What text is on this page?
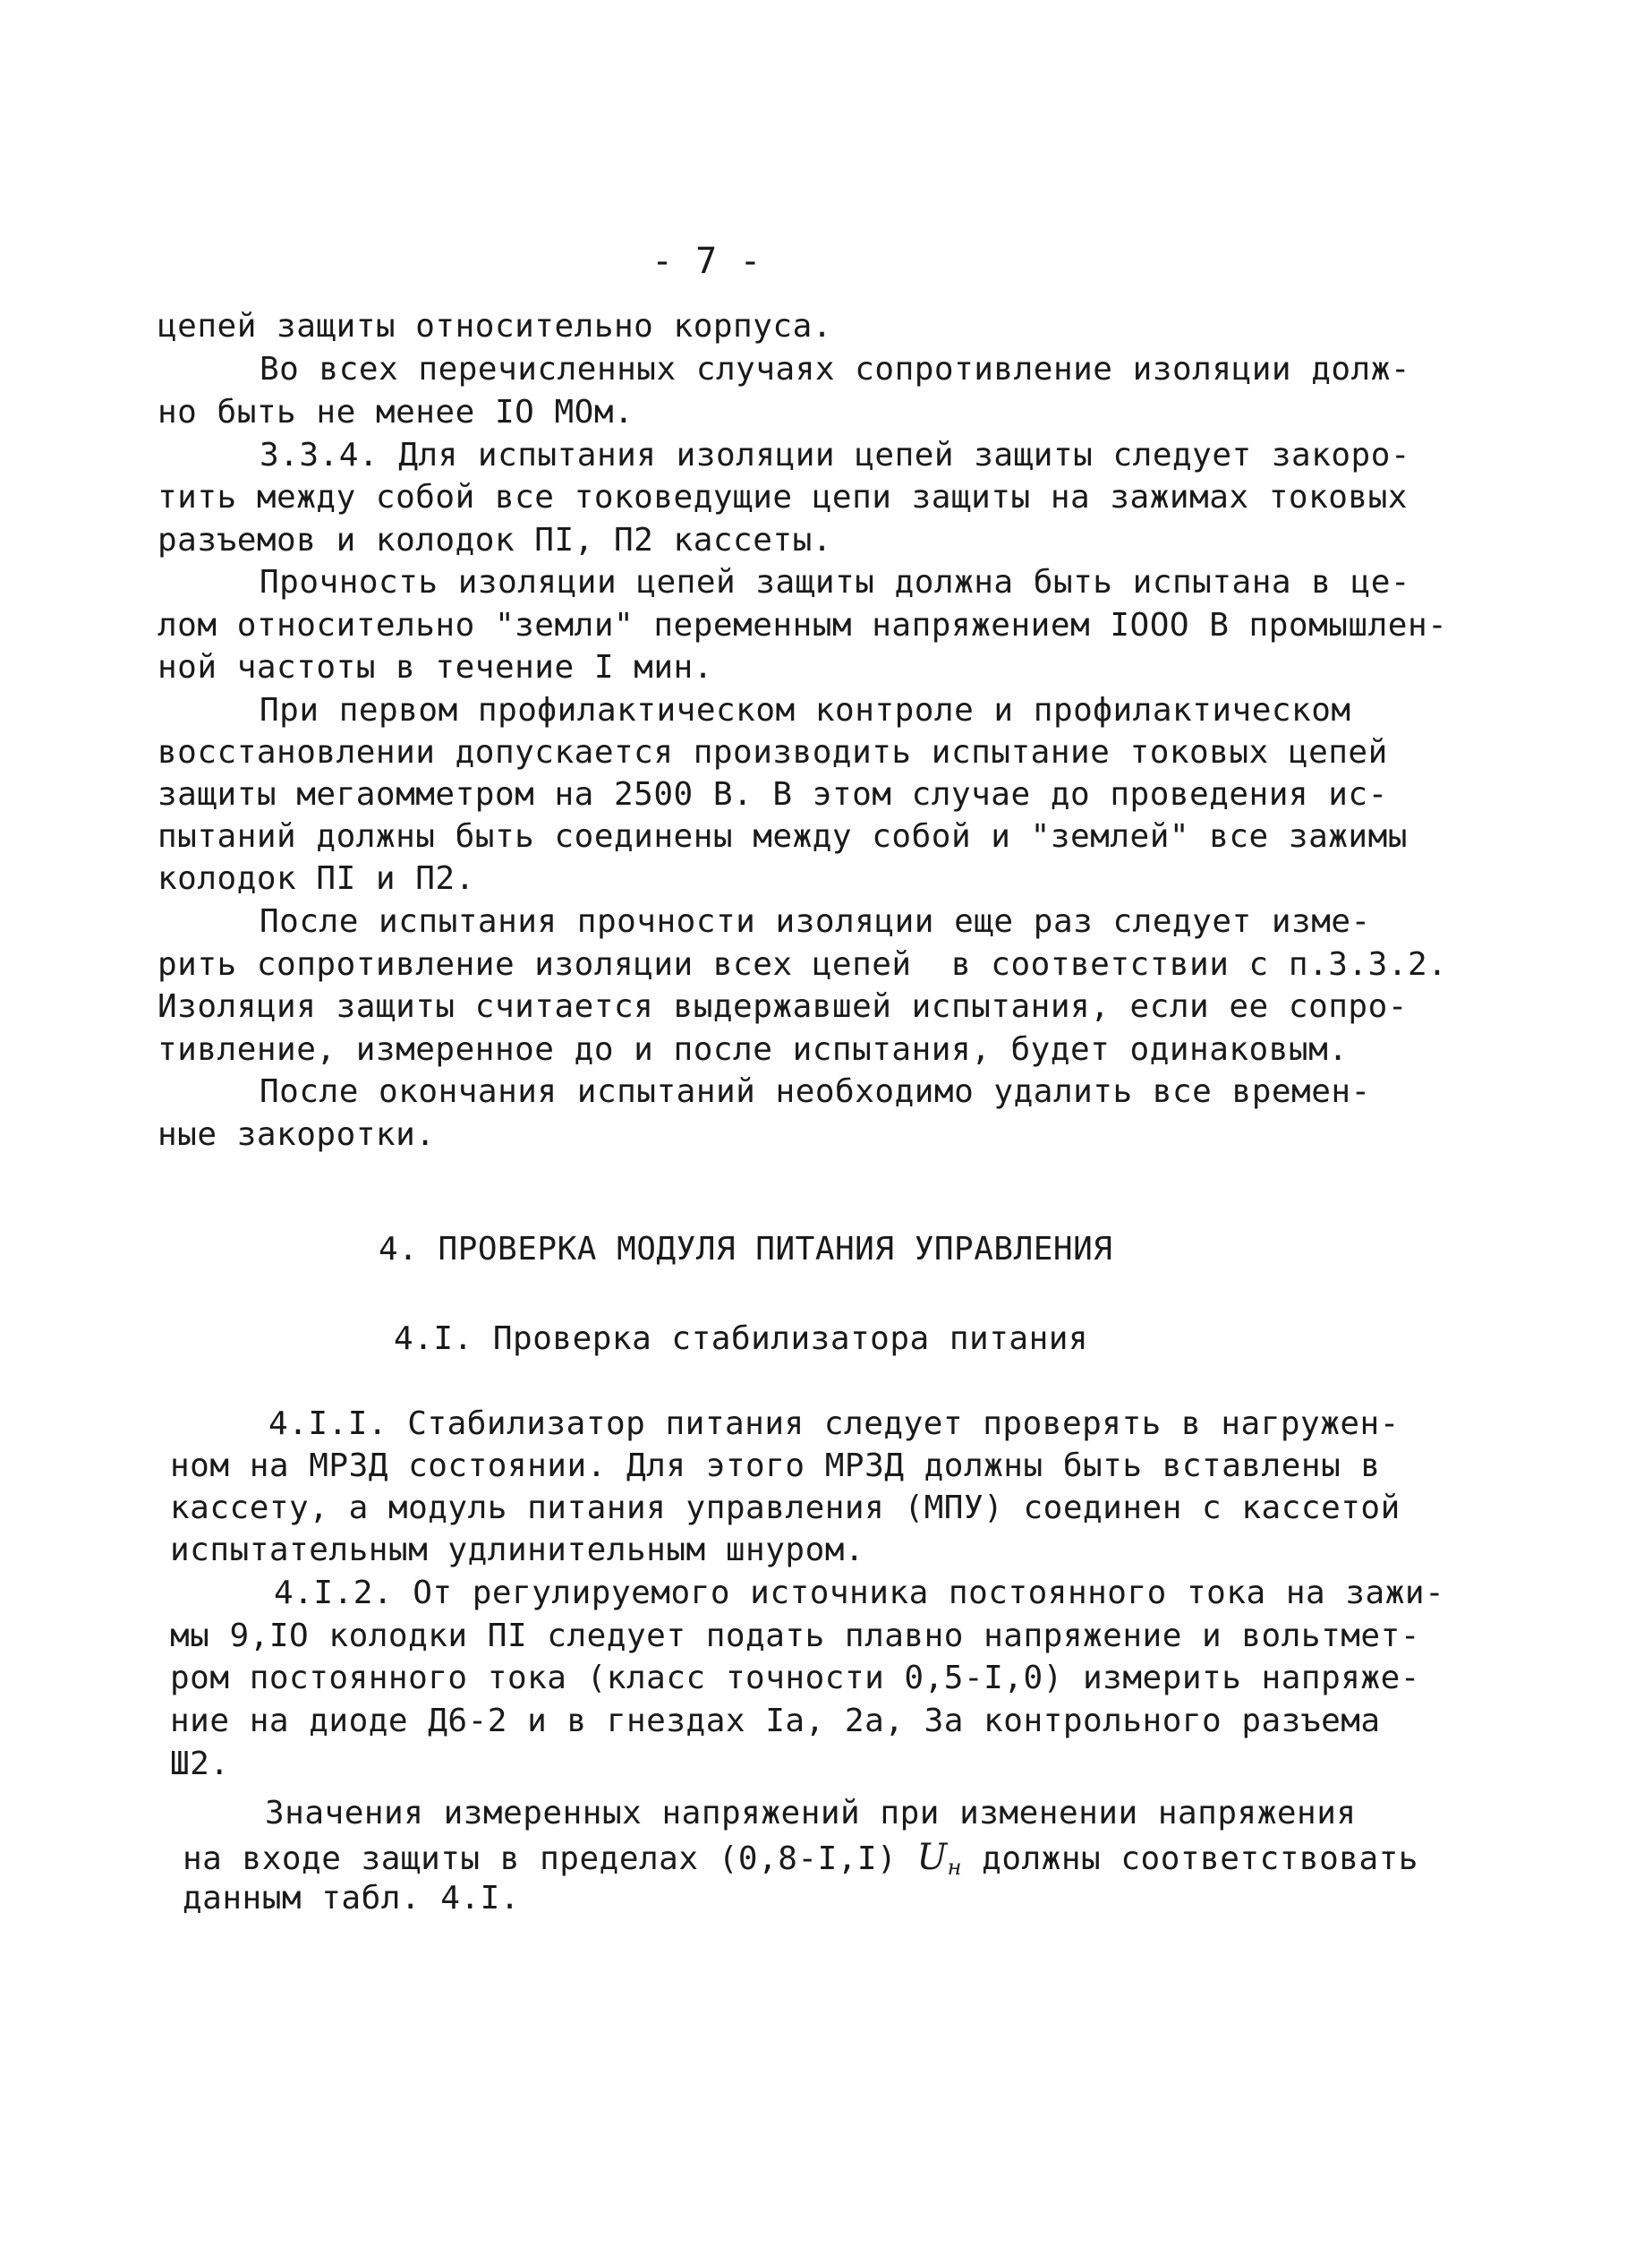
- 7 -
цепей защиты относительно корпуса.
Во всех перечисленных случаях сопротивление изоляции долж-
но быть не менее IO МОм.
3.3.4. Для испытания изоляции цепей защиты следует закоро-
тить между собой все токоведущие цепи защиты на зажимах токовых
разъемов и колодок ПI, П2 кассеты.
Прочность изоляции цепей защиты должна быть испытана в це-
лом относительно "земли" переменным напряжением IOOO В промышлен-
ной частоты в течение I мин.
При первом профилактическом контроле и профилактическом
восстановлении допускается производить испытание токовых цепей
защиты мегаомметром на 2500 В. В этом случае до проведения ис-
пытаний должны быть соединены между собой и "землей" все зажимы
колодок ПI и П2.
После испытания прочности изоляции еще раз следует изме-
рить сопротивление изоляции всех цепей  в соответствии с п.3.3.2.
Изоляция защиты считается выдержавшей испытания, если ее сопро-
тивление, измеренное до и после испытания, будет одинаковым.
После окончания испытаний необходимо удалить все времен-
ные закоротки.
4. ПРОВЕРКА МОДУЛЯ ПИТАНИЯ УПРАВЛЕНИЯ
4.I. Проверка стабилизатора питания
4.I.I. Стабилизатор питания следует проверять в нагружен-
ном на МРЗД состоянии. Для этого МРЗД должны быть вставлены в
кассету, а модуль питания управления (МПУ) соединен с кассетой
испытательным удлинительным шнуром.
4.I.2. От регулируемого источника постоянного тока на зажи-
мы 9,IO колодки ПI следует подать плавно напряжение и вольтмет-
ром постоянного тока (класс точности 0,5-I,0) измерить напряже-
ние на диоде Д6-2 и в гнездах Iа, 2а, 3а контрольного разъема
Ш2.
Значения измеренных напряжений при изменении напряжения
на входе защиты в пределах (0,8-I,I) $U_н$ должны соответствовать
данным табл. 4.I.
